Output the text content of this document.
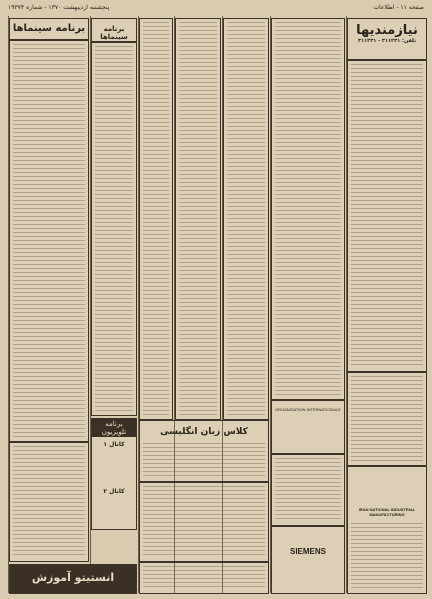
صفحه ۱۱ - اطلاعات
پنجشنبه اردیبهشت ۱۳۷۰ - شماره ۱۹۳۷۴
نیازمندیها
تلفن: ۳۱۱۲۳۱ - ۳۱۱۲۳۱
برنامه سینماها	برنامه سینماها
برنامه تلویزیون
کانال ۱
کانال ۲
انستیتو آموزش
کلاس زبان انگلیسی
ORGANISATION INTERNATIONALE
IRAN NATIONAL INDUSTRIAL MANUFACTURING
SIEMENS
